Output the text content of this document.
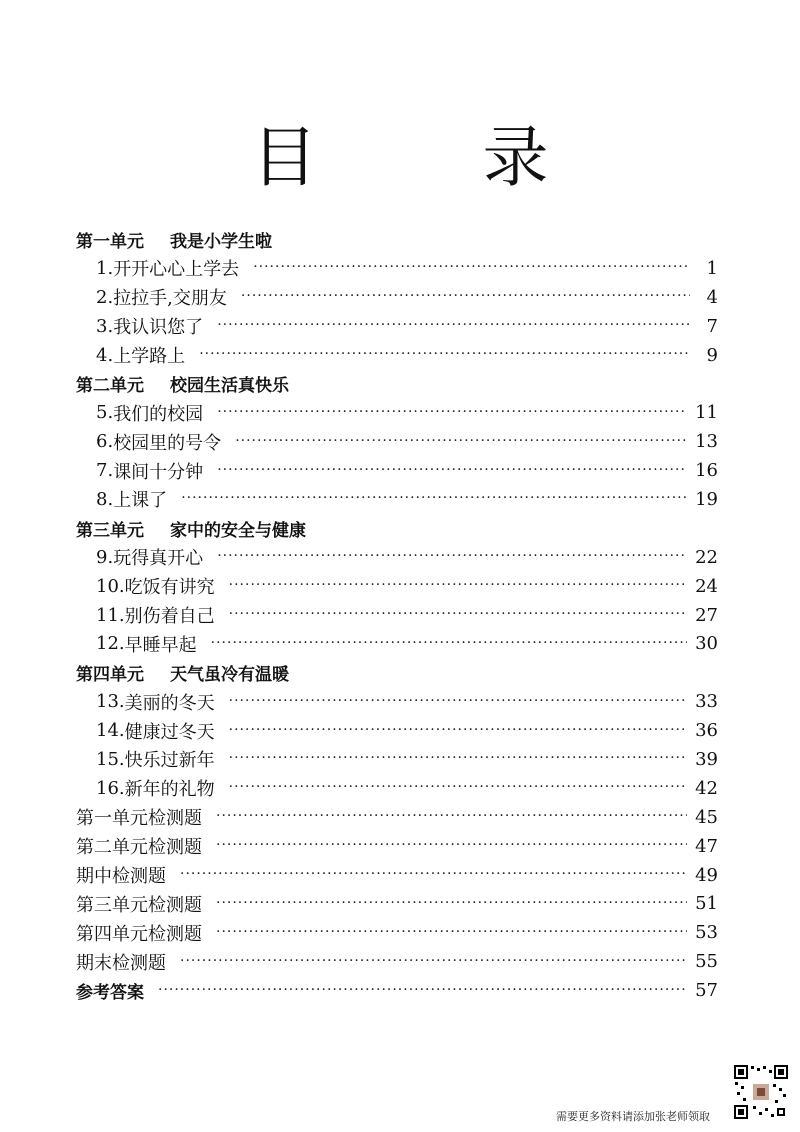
目 录
第一单元 我是小学生啦
1. 开开心心上学去 ·····	1
2. 拉拉手,交朋友 ·····	4
3. 我认识您了 ·····	7
4. 上学路上 ·····	9
第二单元 校园生活真快乐
5. 我们的校园 ·····	11
6. 校园里的号令 ·····	13
7. 课间十分钟 ·····	16
8. 上课了 ·····	19
第三单元 家中的安全与健康
9. 玩得真开心 ·····	22
10. 吃饭有讲究 ·····	24
11. 别伤着自己 ·····	27
12. 早睡早起 ·····	30
第四单元 天气虽冷有温暖
13. 美丽的冬天 ·····	33
14. 健康过冬天 ·····	36
15. 快乐过新年 ·····	39
16. 新年的礼物 ·····	42
第一单元检测题 ·····	45
第二单元检测题 ·····	47
期中检测题 ·····	49
第三单元检测题 ·····	51
第四单元检测题 ·····	53
期末检测题 ·····	55
参考答案 ·····	57
需要更多资料请添加张老师领取
